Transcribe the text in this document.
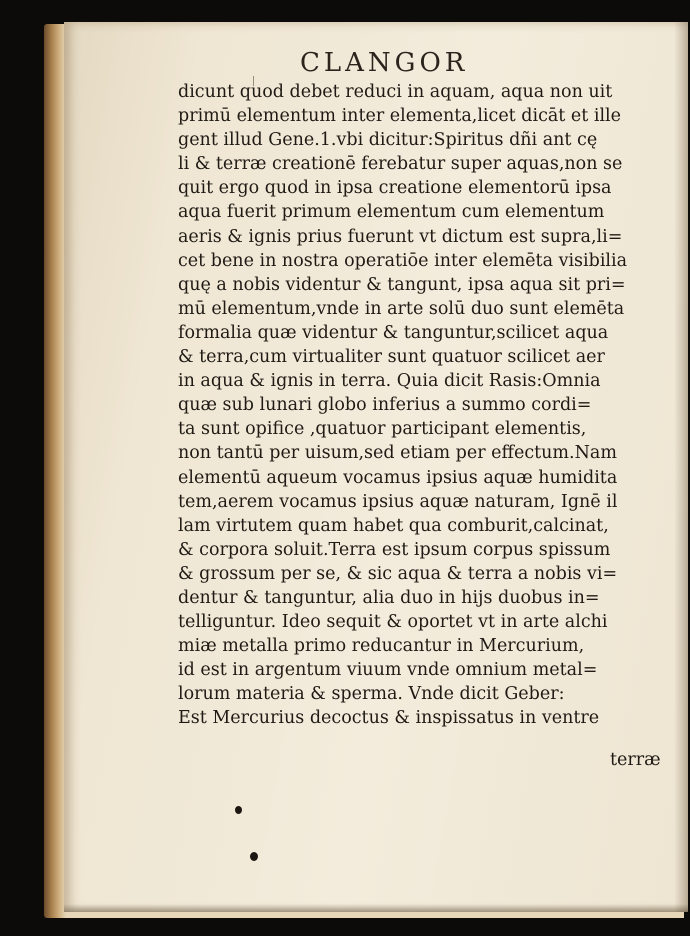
CLANGOR
dicunt quod debet reduci in aquam, aqua non uit
primū elementum inter elementa,licet dicāt et ille
gent illud Gene.1.vbi dicitur:Spiritus dñi ant cę
li & terræ creationē ferebatur super aquas,non se
quit ergo quod in ipsa creatione elementorū ipsa
aqua fuerit primum elementum cum elementum
aeris & ignis prius fuerunt vt dictum est supra,li=
cet bene in nostra operatiōe inter elemēta visibilia
quę a nobis videntur & tangunt, ipsa aqua sit pri=
mū elementum,vnde in arte solū duo sunt elemēta
formalia quæ videntur & tanguntur,scilicet aqua
& terra,cum virtualiter sunt quatuor scilicet aer
in aqua & ignis in terra. Quia dicit Rasis:Omnia
quæ sub lunari globo inferius a summo cordi=
ta sunt opifice ,quatuor participant elementis,
non tantū per uisum,sed etiam per effectum.Nam
elementū aqueum vocamus ipsius aquæ humidita
tem,aerem vocamus ipsius aquæ naturam, Ignē il
lam virtutem quam habet qua comburit,calcinat,
& corpora soluit.Terra est ipsum corpus spissum
& grossum per se, & sic aqua & terra a nobis vi=
dentur & tanguntur, alia duo in hijs duobus in=
telliguntur. Ideo sequit & oportet vt in arte alchi
miæ metalla primo reducantur in Mercurium,
id est in argentum viuum vnde omnium metal=
lorum materia & sperma. Vnde dicit Geber:
Est Mercurius decoctus & inspissatus in ventre
terræ
